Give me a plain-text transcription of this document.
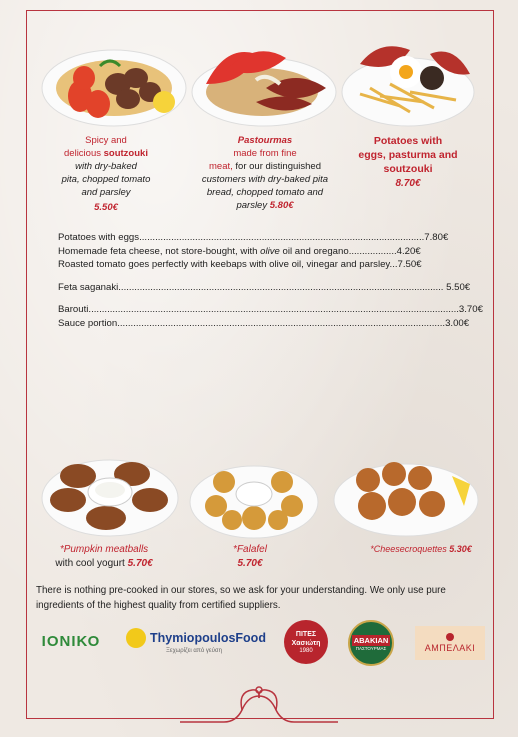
Spicy and
delicious soutzouki
with dry-baked
pita, chopped tomato
and parsley
5.50€
Pastourmas
made from fine
meat, for our distinguished
customers with dry-baked pita
bread, chopped tomato and
parsley 5.80€
Potatoes with
eggs, pasturma and
soutzouki
8.70€
Potatoes with eggs...........................................................................................................7.80€
Homemade feta cheese, not store-bought, with olive oil and oregano..................4.20€
Roasted tomato goes perfectly with keebaps with olive oil, vinegar and parsley...7.50€
Feta saganaki.......................................................................................................................... 5.50€
Barouti...........................................................................................................................................3.70€
Sauce portion...........................................................................................................................3.00€
*Pumpkin meatballs
with cool yogurt 5.70€
*Falafel
5.70€
*Cheesecroquettes 5.30€
There is nothing pre-cooked in our stores, so we ask for your understanding. We only use pure ingredients of the highest quality from certified suppliers.
ΙΟΝΙΚΟ	ThymiopoulosFood
Ξεχωρίζει από γεύση
ΠΙΤΕΣ Χασιώτη
1980
ΑΒΑΚΙΑΝ
ΠΑΣΤΟΥΡΜΑΣ	ΑΜΠΕΛΑΚΙ
